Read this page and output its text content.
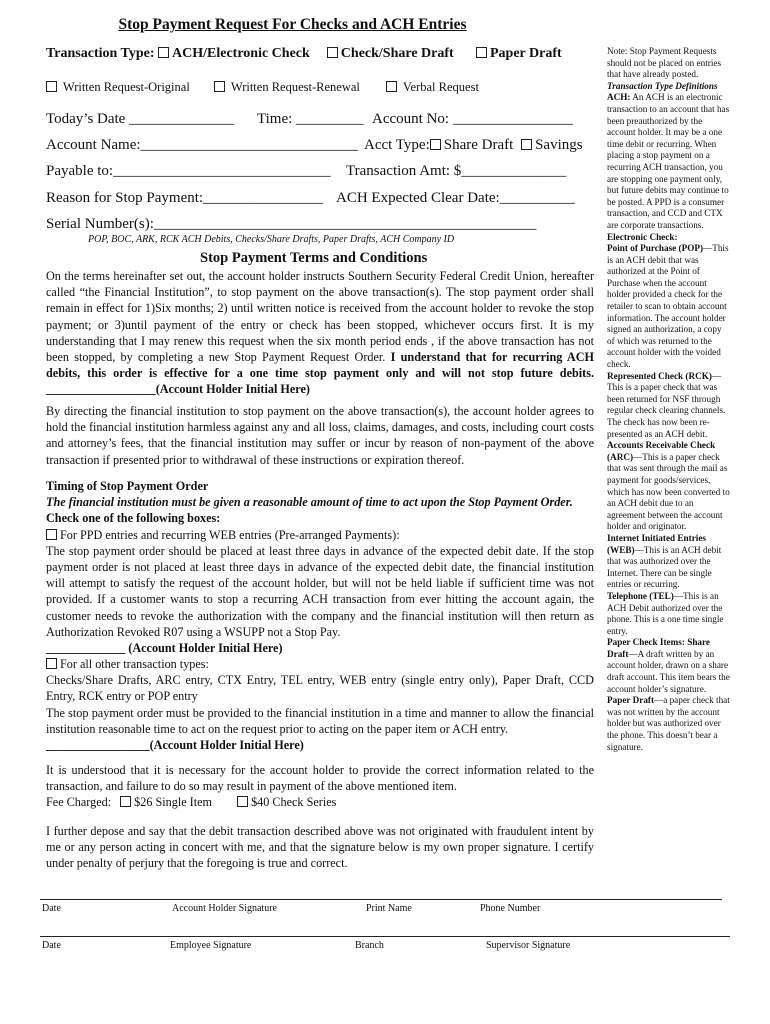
Stop Payment Request For Checks and ACH Entries
Transaction Type: ACH/Electronic Check Check/Share Draft	Paper Draft
Written Request-Original	Written Request-Renewal	Verbal Request
Today’s Date ______________ Time: _________ Account No: ________________
Account Name:_____________________________ Acct Type: Share Draft Savings
Payable to:_____________________________ Transaction Amt: $______________
Reason for Stop Payment:________________ ACH Expected Clear Date:__________
Serial Number(s):___________________________________________________
POP, BOC, ARK, RCK ACH Debits, Checks/Share Drafts, Paper Drafts, ACH Company ID
Stop Payment Terms and Conditions

On the terms hereinafter set out, the account holder instructs Southern Security Federal Credit Union, hereafter called “the Financial Institution”, to stop payment on the above transaction(s). The stop payment order shall remain in effect for 1)Six months; 2) until written notice is received from the account holder to revoke the stop payment; or 3)until payment of the entry or check has been stopped, whichever occurs first. It is my understanding that I may renew this request when the six month period ends , if the above transaction has not been stopped, by completing a new Stop Payment Request Order. I understand that for recurring ACH debits, this order is effective for a one time stop payment only and will not stop future debits. __________________(Account Holder Initial Here)

By directing the financial institution to stop payment on the above transaction(s), the account holder agrees to hold the financial institution harmless against any and all loss, claims, damages, and costs, including court costs and attorney’s fees, that the financial institution may suffer or incur by reason of non-payment of the above transaction if presented prior to withdrawal of these instructions or expiration thereof.

Timing of Stop Payment Order

The financial institution must be given a reasonable amount of time to act upon the Stop Payment Order.

Check one of the following boxes:

For PPD entries and recurring WEB entries (Pre-arranged Payments):

The stop payment order should be placed at least three days in advance of the expected debit date. If the stop payment order is not placed at least three days in advance of the expected debit date, the financial institution will attempt to satisfy the request of the account holder, but will not be held liable if sufficient time was not provided. If a customer wants to stop a recurring ACH transaction from ever hitting the account again, the customer needs to revoke the authorization with the company and the financial institution will then return as Authorization Revoked R07 using a WSUPP not a Stop Pay.

_____________ (Account Holder Initial Here)

For all other transaction types:

Checks/Share Drafts, ARC entry, CTX Entry, TEL entry, WEB entry (single entry only), Paper Draft, CCD Entry, RCK entry or POP entry

The stop payment order must be provided to the financial institution in a time and manner to allow the financial institution reasonable time to act on the request prior to acting on the paper item or ACH entry.

_________________(Account Holder Initial Here)

It is understood that it is necessary for the account holder to provide the correct information related to the transaction, and failure to do so may result in payment of the above mentioned item.

Fee Charged: $26 Single Item	$40 Check Series

I further depose and say that the debit transaction described above was not originated with fraudulent intent by me or any person acting in concert with me, and that the signature below is my own proper signature. I certify under penalty of perjury that the foregoing is true and correct.

Date	Account Holder Signature	Print Name	Phone Number
Date	Employee Signature	Branch	Supervisor Signature
Note: Stop Payment Requests should not be placed on entries that have already posted.
Transaction Type Definitions
ACH: An ACH is an electronic transaction to an account that has been preauthorized by the account holder. It may be a one time debit or recurring. When placing a stop payment on a recurring ACH transaction, you are stopping one payment only, but future debits may continue to be posted. A PPD is a consumer transaction, and CCD and CTX are corporate transactions.
Electronic Check:
Point of Purchase (POP)—This is an ACH debit that was authorized at the Point of Purchase when the account holder provided a check for the retailer to scan to obtain account information. The account holder signed an authorization, a copy of which was returned to the account holder with the voided check.
Represented Check (RCK)—This is a paper check that was been returned for NSF through regular check clearing channels. The check has now been re-presented as an ACH debit.
Accounts Receivable Check (ARC)—This is a paper check that was sent through the mail as payment for goods/services, which has now been converted to an ACH debit due to an agreement between the account holder and originator.
Internet Initiated Entries (WEB)—This is an ACH debit that was authorized over the Internet. There can be single entries or recurring.
Telephone (TEL)—This is an ACH Debit authorized over the phone. This is a one time single entry.
Paper Check Items: Share Draft—A draft written by an account holder, drawn on a share draft account. This item bears the account holder’s signature.
Paper Draft—a paper check that was not written by the account holder but was authorized over the phone. This doesn’t bear a signature.
